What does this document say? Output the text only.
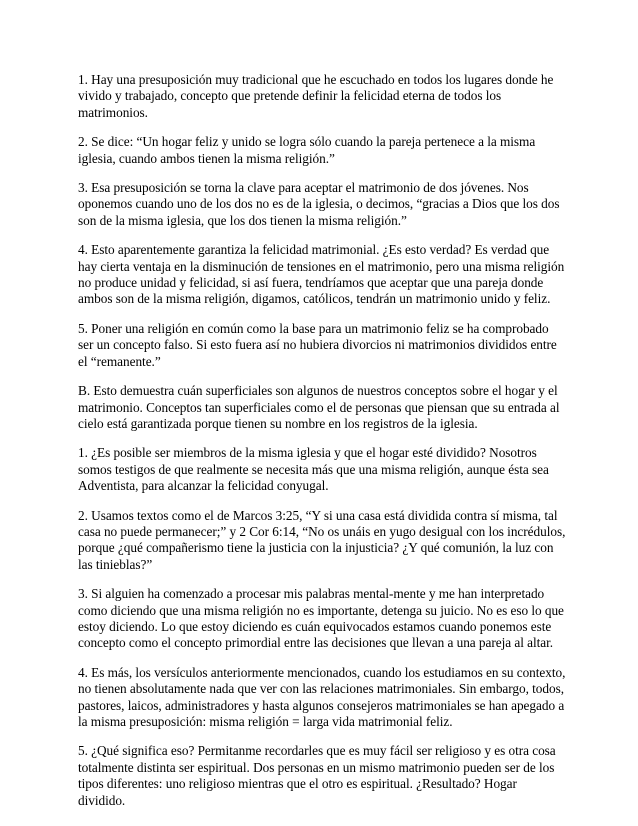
1. Hay una presuposición muy tradicional que he escuchado en todos los lugares donde he vivido y trabajado, concepto que pretende definir la felicidad eterna de todos los matrimonios.

2. Se dice: “Un hogar feliz y unido se logra sólo cuando la pareja pertenece a la misma iglesia, cuando ambos tienen la misma religión.”

3. Esa presuposición se torna la clave para aceptar el matrimonio de dos jóvenes. Nos oponemos cuando uno de los dos no es de la iglesia, o decimos, “gracias a Dios que los dos son de la misma iglesia, que los dos tienen la misma religión.”

4. Esto aparentemente garantiza la felicidad matrimonial. ¿Es esto verdad? Es verdad que hay cierta ventaja en la disminución de tensiones en el matrimonio, pero una misma religión no produce unidad y felicidad, si así fuera, tendríamos que aceptar que una pareja donde ambos son de la misma religión, digamos, católicos, tendrán un matrimonio unido y feliz.

5. Poner una religión en común como la base para un matrimonio feliz se ha comprobado ser un concepto falso. Si esto fuera así no hubiera divorcios ni matrimonios divididos entre el “remanente.”

B. Esto demuestra cuán superficiales son algunos de nuestros conceptos sobre el hogar y el matrimonio. Conceptos tan superficiales como el de personas que piensan que su entrada al cielo está garantizada porque tienen su nombre en los registros de la iglesia.

1. ¿Es posible ser miembros de la misma iglesia y que el hogar esté dividido? Nosotros somos testigos de que realmente se necesita más que una misma religión, aunque ésta sea Adventista, para alcanzar la felicidad conyugal.

2. Usamos textos como el de Marcos 3:25, “Y si una casa está dividida contra sí misma, tal casa no puede permanecer;” y 2 Cor 6:14, “No os unáis en yugo desigual con los incrédulos, porque ¿qué compañerismo tiene la justicia con la injusticia? ¿Y qué comunión, la luz con las tinieblas?”

3. Si alguien ha comenzado a procesar mis palabras mental-mente y me han interpretado como diciendo que una misma religión no es importante, detenga su juicio. No es eso lo que estoy diciendo. Lo que estoy diciendo es cuán equivocados estamos cuando ponemos este concepto como el concepto primordial entre las decisiones que llevan a una pareja al altar.

4. Es más, los versículos anteriormente mencionados, cuando los estudiamos en su contexto, no tienen absolutamente nada que ver con las relaciones matrimoniales. Sin embargo, todos, pastores, laicos, administradores y hasta algunos consejeros matrimoniales se han apegado a la misma presuposición: misma religión = larga vida matrimonial feliz.

5. ¿Qué significa eso? Permitanme recordarles que es muy fácil ser religioso y es otra cosa totalmente distinta ser espiritual. Dos personas en un mismo matrimonio pueden ser de los tipos diferentes: uno religioso mientras que el otro es espiritual. ¿Resultado? Hogar dividido.
